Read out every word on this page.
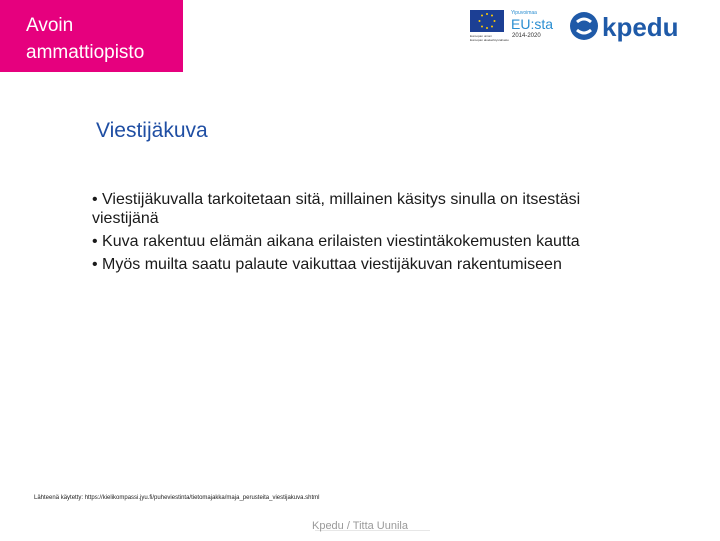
Avoin
ammattiopisto
Euroopan unioni
Euroopan aluekehitysrahasto
Yipuvoimaa
EU:sta
2014-2020 kpedu
Viestijäkuva
• Viestijäkuvalla tarkoitetaan sitä, millainen käsitys sinulla on itsestäsi viestijänä
• Kuva rakentuu elämän aikana erilaisten viestintäkokemusten kautta
• Myös muilta saatu palaute vaikuttaa viestijäkuvan rakentumiseen
Lähteenä käytetty: https://kielikompassi.jyu.fi/puheviestinta/tietomajakka/maja_perusteita_viestijakuva.shtml
Kpedu / Titta Uunila
